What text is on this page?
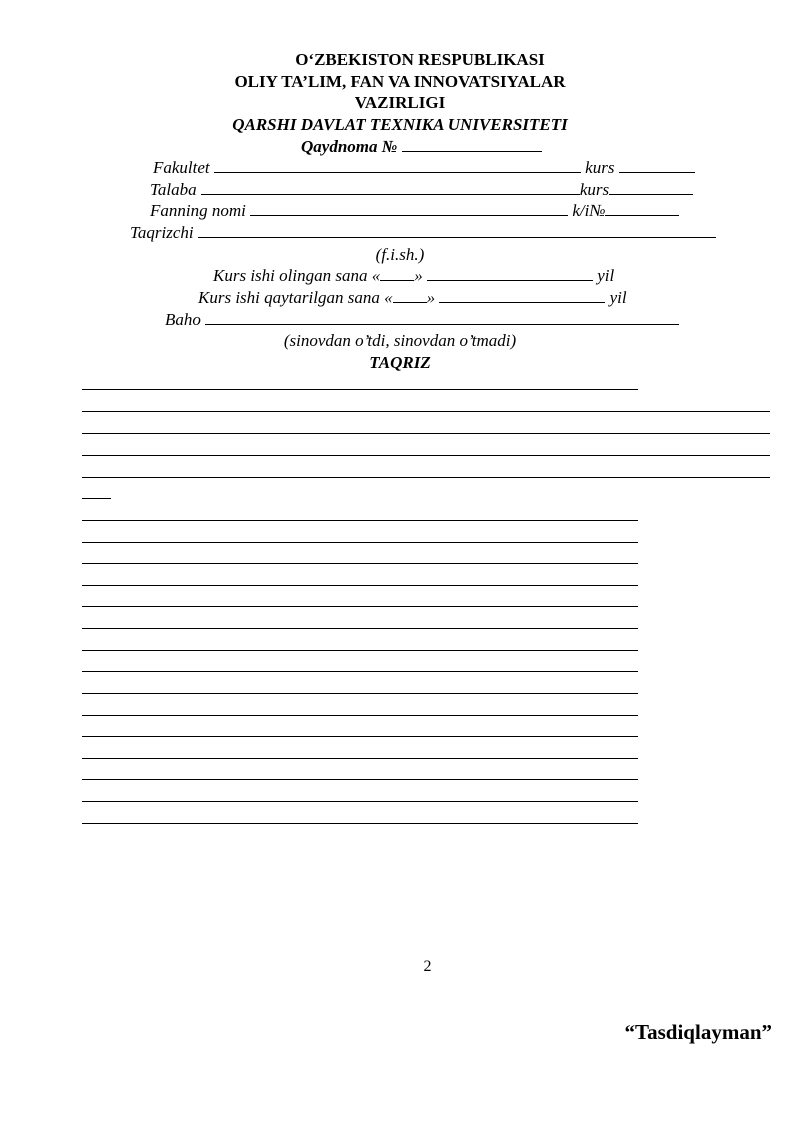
O‘ZBEKISTON RESPUBLIKASI
OLIY TA’LIM, FAN VA INNOVATSIYALAR
VAZIRLIGI
QARSHI DAVLAT TEXNIKA UNIVERSITETI
Qaydnoma №
Fakultet	kurs
Talaba	kurs
Fanning nomi	k/i№
Taqrizchi
(f.i.sh.)
Kurs ishi olingan sana « »	yil
Kurs ishi qaytarilgan sana « »	yil
Baho
(sinovdan o’tdi, sinovdan o’tmadi)
TAQRIZ
2
“Tasdiqlayman”
